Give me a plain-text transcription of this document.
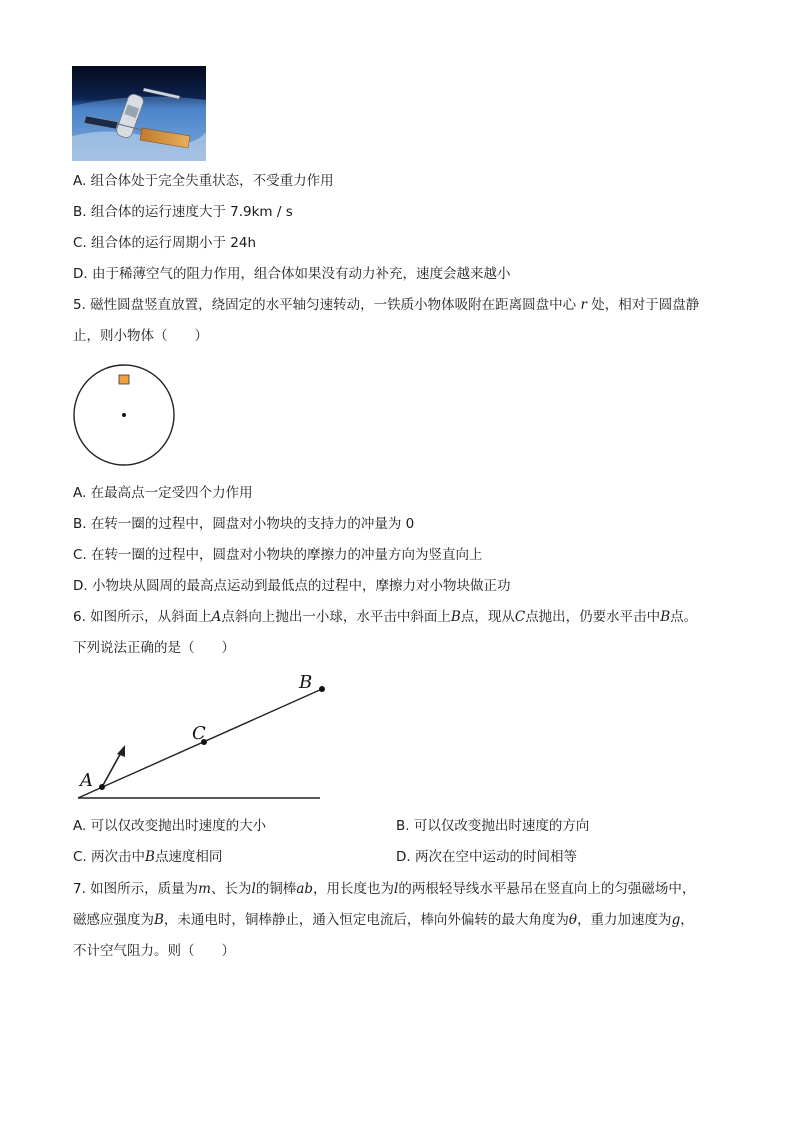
A. 组合体处于完全失重状态，不受重力作用
B. 组合体的运行速度大于 7.9km / s
C. 组合体的运行周期小于 24h
D. 由于稀薄空气的阻力作用，组合体如果没有动力补充，速度会越来越小
5. 磁性圆盘竖直放置，绕固定的水平轴匀速转动，一铁质小物体吸附在距离圆盘中心 r 处，相对于圆盘静
止，则小物体（　　）
A. 在最高点一定受四个力作用
B. 在转一圈的过程中，圆盘对小物块的支持力的冲量为 0
C. 在转一圈的过程中，圆盘对小物块的摩擦力的冲量方向为竖直向上
D. 小物块从圆周的最高点运动到最低点的过程中，摩擦力对小物块做正功
6. 如图所示，从斜面上A点斜向上抛出一小球，水平击中斜面上B点，现从C点抛出，仍要水平击中B点。
下列说法正确的是（　　）
A
C
B
A. 可以仅改变抛出时速度的大小	B. 可以仅改变抛出时速度的方向
C. 两次击中B点速度相同	D. 两次在空中运动的时间相等
7. 如图所示，质量为m、长为l的铜棒ab，用长度也为l的两根轻导线水平悬吊在竖直向上的匀强磁场中，
磁感应强度为B，未通电时，铜棒静止，通入恒定电流后，棒向外偏转的最大角度为θ，重力加速度为g，
不计空气阻力。则（　　）
